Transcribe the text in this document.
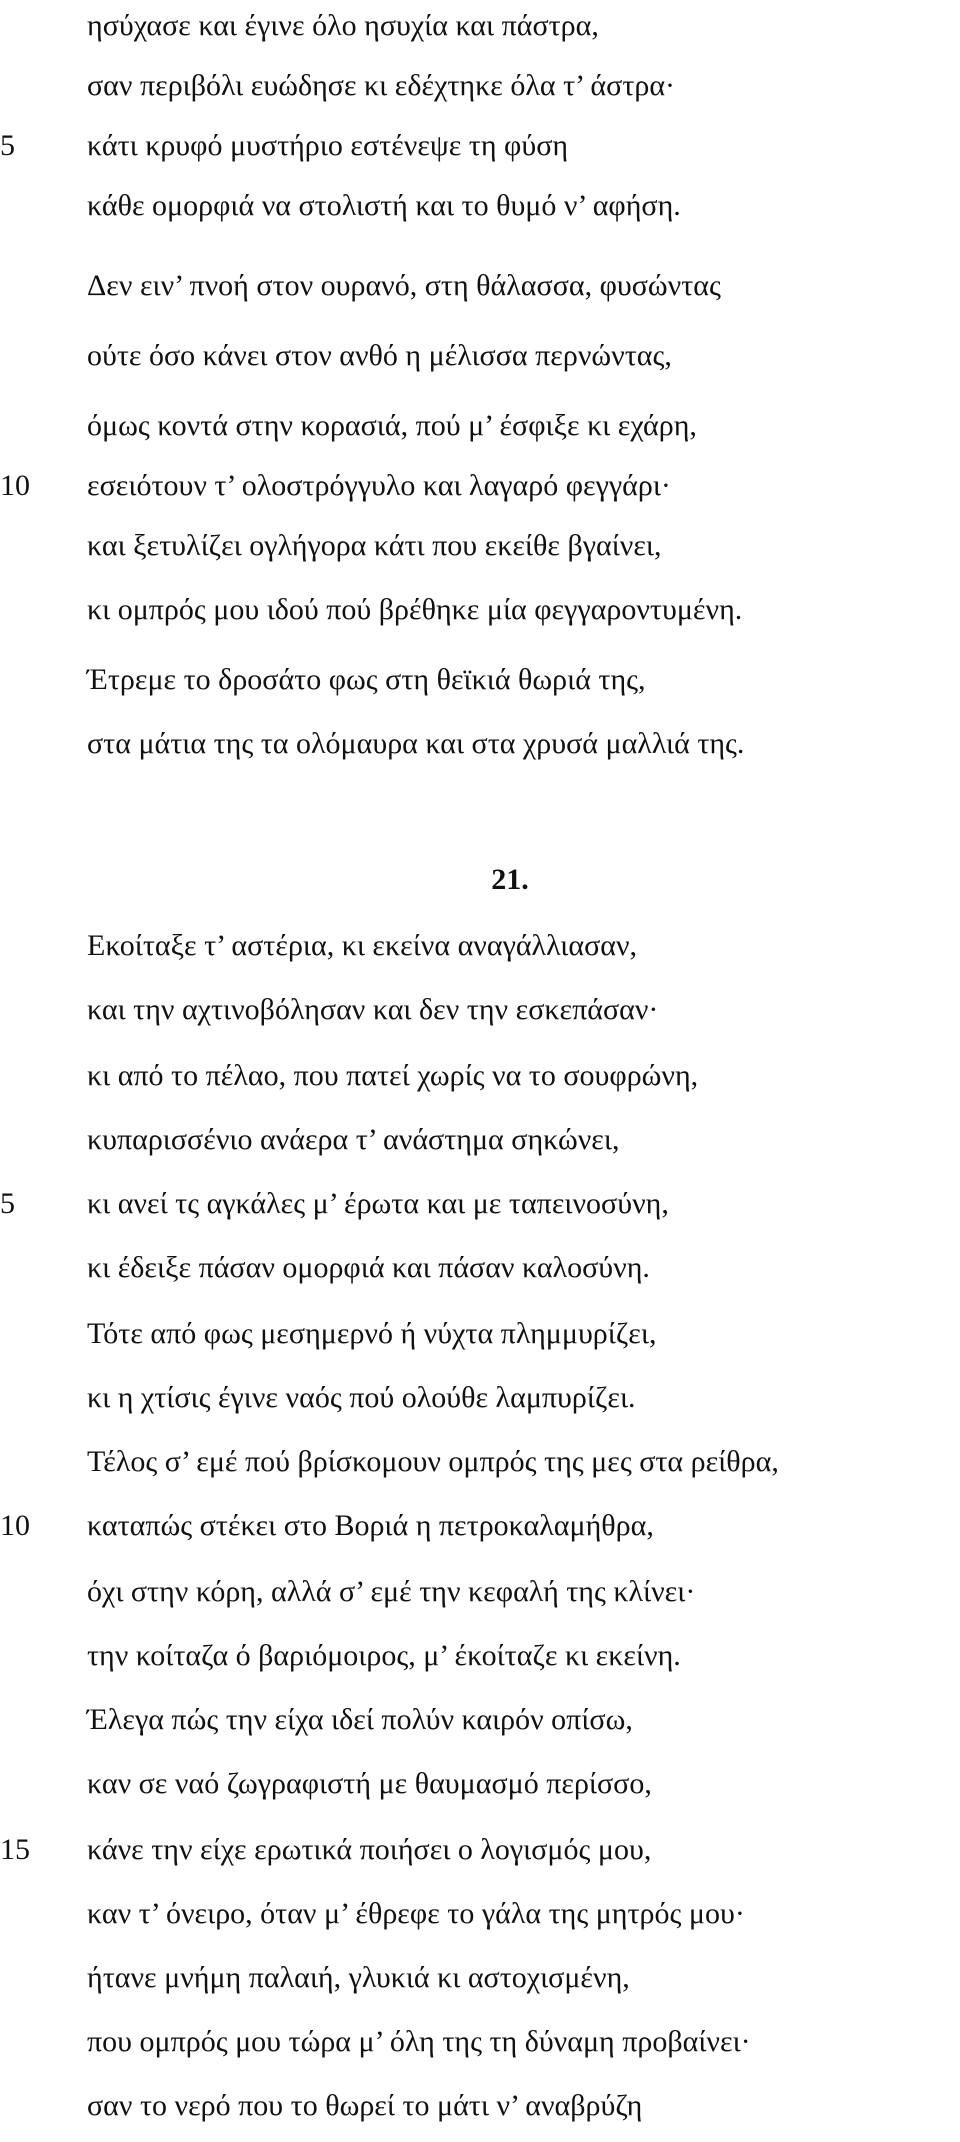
ησύχασε και έγινε όλο ησυχία και πάστρα,
σαν περιβόλι ευώδησε κι εδέχτηκε όλα τ’ άστρα·
5	κάτι κρυφό μυστήριο εστένεψε τη φύση
κάθε ομορφιά να στολιστή και το θυμό ν’ αφήση.
Δεν ειν’ πνοή στον ουρανό, στη θάλασσα, φυσώντας
ούτε όσο κάνει στον ανθό η μέλισσα περνώντας,
όμως κοντά στην κορασιά, πού μ’ έσφιξε κι εχάρη,
10	εσειότουν τ’ ολοστρόγγυλο και λαγαρό φεγγάρι·
και ξετυλίζει ογλήγορα κάτι που εκείθε βγαίνει,
κι ομπρός μου ιδού πού βρέθηκε μία φεγγαροντυμένη.
Έτρεμε το δροσάτο φως στη θεϊκιά θωριά της,
στα μάτια της τα ολόμαυρα και στα χρυσά μαλλιά της.
21.
Εκοίταξε τ’ αστέρια, κι εκείνα αναγάλλιασαν,
και την αχτινοβόλησαν και δεν την εσκεπάσαν·
κι από το πέλαο, που πατεί χωρίς να το σουφρώνη,
κυπαρισσένιο ανάερα τ’ ανάστημα σηκώνει,
5	κι ανεί τς αγκάλες μ’ έρωτα και με ταπεινοσύνη,
κι έδειξε πάσαν ομορφιά και πάσαν καλοσύνη.
Τότε από φως μεσημερνό ή νύχτα πλημμυρίζει,
κι η χτίσις έγινε ναός πού ολούθε λαμπυρίζει.
Τέλος σ’ εμέ πού βρίσκομουν ομπρός της μες στα ρείθρα,
10	καταπώς στέκει στο Βοριά η πετροκαλαμήθρα,
όχι στην κόρη, αλλά σ’ εμέ την κεφαλή της κλίνει·
την κοίταζα ό βαριόμοιρος, μ’ έκοίταζε κι εκείνη.
Έλεγα πώς την είχα ιδεί πολύν καιρόν οπίσω,
καν σε ναό ζωγραφιστή με θαυμασμό περίσσο,
15	κάνε την είχε ερωτικά ποιήσει ο λογισμός μου,
καν τ’ όνειρο, όταν μ’ έθρεφε το γάλα της μητρός μου·
ήτανε μνήμη παλαιή, γλυκιά κι αστοχισμένη,
που ομπρός μου τώρα μ’ όλη της τη δύναμη προβαίνει·
σαν το νερό που το θωρεί το μάτι ν’ αναβρύζη
